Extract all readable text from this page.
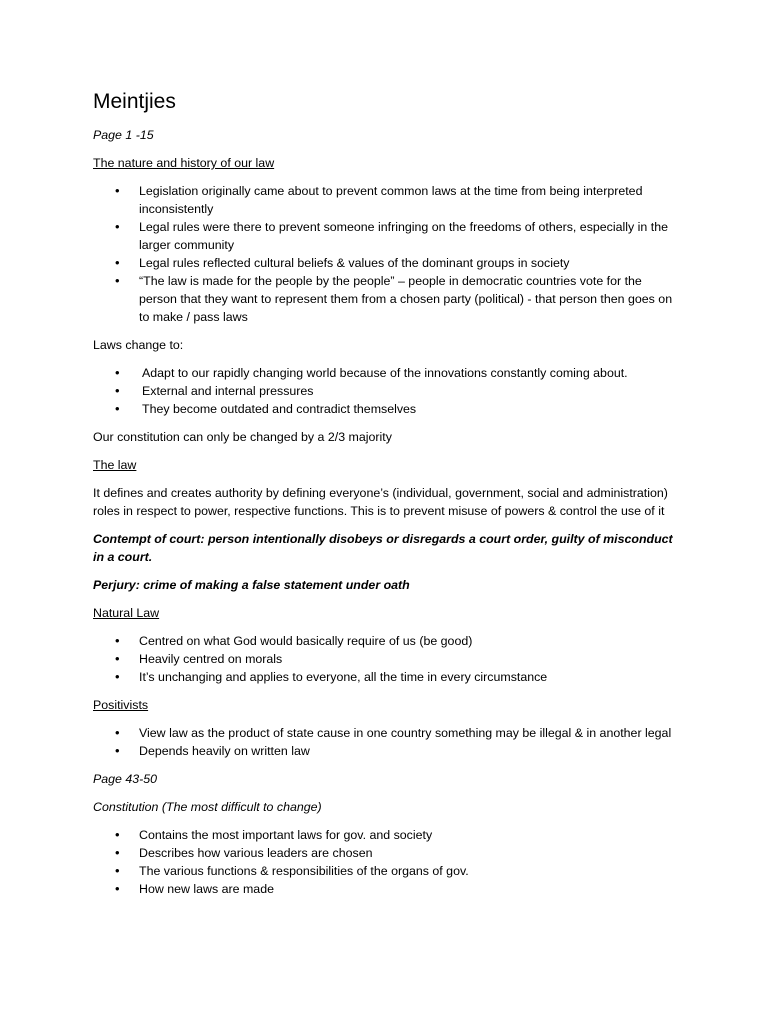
Meintjies
Page 1 -15
The nature and history of our law
• Legislation originally came about to prevent common laws at the time from being interpreted inconsistently
• Legal rules were there to prevent someone infringing on the freedoms of others, especially in the larger community
• Legal rules reflected cultural beliefs & values of the dominant groups in society
• “The law is made for the people by the people” – people in democratic countries vote for the person that they want to represent them from a chosen party (political) - that person then goes on to make / pass laws
Laws change to:
• Adapt to our rapidly changing world because of the innovations constantly coming about.
• External and internal pressures
• They become outdated and contradict themselves
Our constitution can only be changed by a 2/3 majority
The law
It defines and creates authority by defining everyone’s (individual, government, social and administration) roles in respect to power, respective functions. This is to prevent misuse of powers & control the use of it
Contempt of court: person intentionally disobeys or disregards a court order, guilty of misconduct in a court.
Perjury: crime of making a false statement under oath
Natural Law
• Centred on what God would basically require of us (be good)
• Heavily centred on morals
• It’s unchanging and applies to everyone, all the time in every circumstance
Positivists
• View law as the product of state cause in one country something may be illegal & in another legal
• Depends heavily on written law
Page 43-50
Constitution (The most difficult to change)
• Contains the most important laws for gov. and society
• Describes how various leaders are chosen
• The various functions & responsibilities of the organs of gov.
• How new laws are made
